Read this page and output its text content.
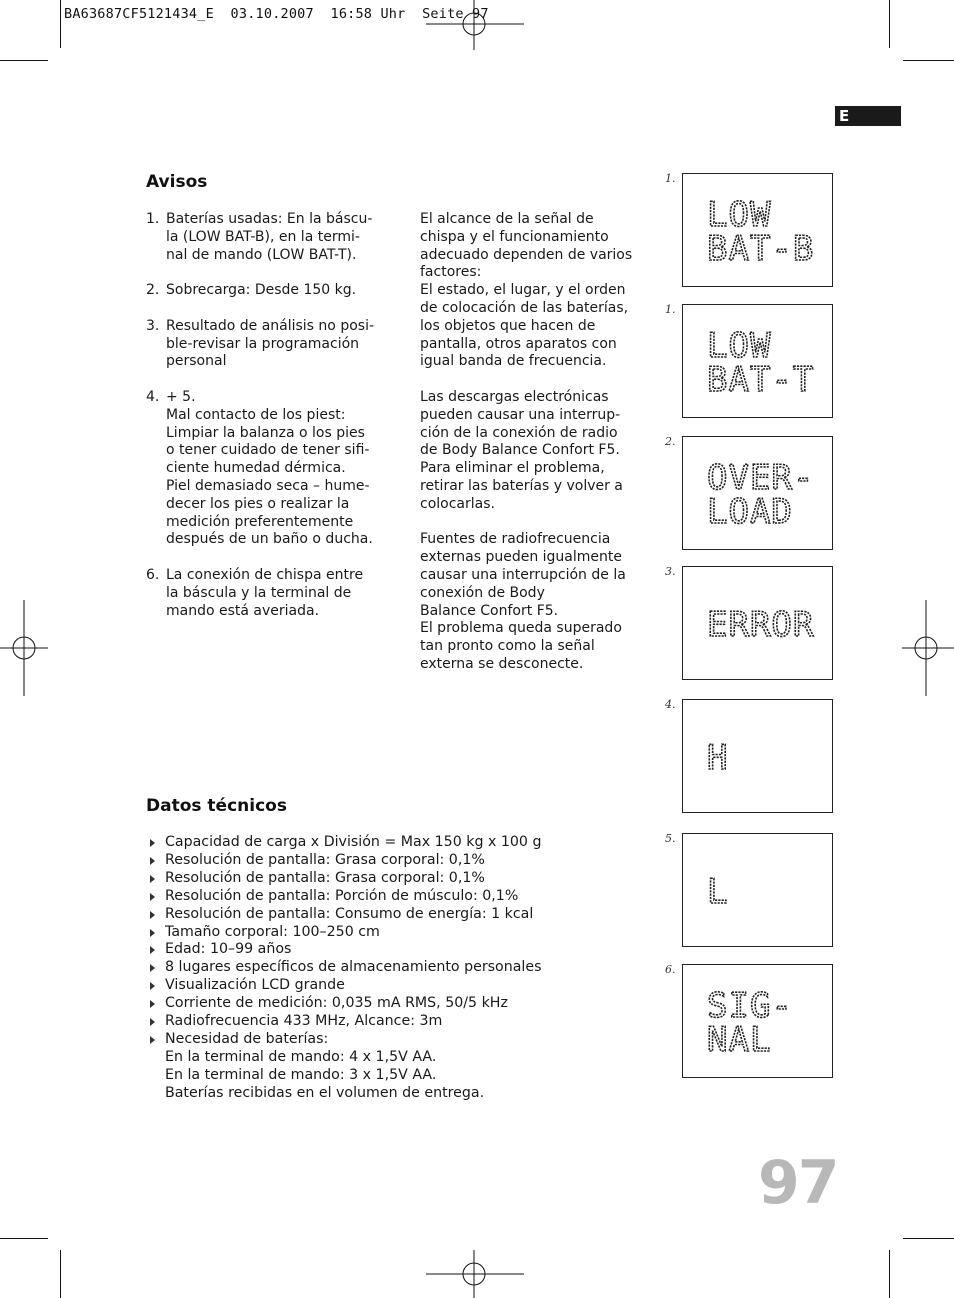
BA63687CF5121434_E  03.10.2007  16:58 Uhr  Seite 97
E
Avisos
1. Baterías usadas: En la báscu-
la (LOW BAT-B), en la termi-
nal de mando (LOW BAT-T).
2. Sobrecarga: Desde 150 kg.
3. Resultado de análisis no posi-
ble-revisar la programación
personal
4. + 5.
Mal contacto de los piest:
Limpiar la balanza o los pies
o tener cuidado de tener sifi-
ciente humedad dérmica.
Piel demasiado seca – hume-
decer los pies o realizar la
medición preferentemente
después de un baño o ducha.
6. La conexión de chispa entre
la báscula y la terminal de
mando está averiada.
El alcance de la señal de
chispa y el funcionamiento
adecuado dependen de varios
factores:
El estado, el lugar, y el orden
de colocación de las baterías,
los objetos que hacen de
pantalla, otros aparatos con
igual banda de frecuencia.
Las descargas electrónicas
pueden causar una interrup-
ción de la conexión de radio
de Body Balance Confort F5.
Para eliminar el problema,
retirar las baterías y volver a
colocarlas.
Fuentes de radiofrecuencia
externas pueden igualmente
causar una interrupción de la
conexión de Body
Balance Confort F5.
El problema queda superado
tan pronto como la señal
externa se desconecte.
Datos técnicos
Capacidad de carga x División = Max 150 kg x 100 g
Resolución de pantalla: Grasa corporal: 0,1%
Resolución de pantalla: Grasa corporal: 0,1%
Resolución de pantalla: Porción de músculo: 0,1%
Resolución de pantalla: Consumo de energía: 1 kcal
Tamaño corporal: 100–250 cm
Edad: 10–99 años
8 lugares específicos de almacenamiento personales
Visualización LCD grande
Corriente de medición: 0,035 mA RMS, 50/5 kHz
Radiofrecuencia 433 MHz, Alcance: 3m
Necesidad de baterías:
En la terminal de mando: 4 x 1,5V AA.
En la terminal de mando: 3 x 1,5V AA.
Baterías recibidas en el volumen de entrega.
1.
LOW
BAT-B
1.
LOW
BAT-T
2.
OVER-
LOAD
3.
ERROR
4.
H
5.
L
6.
SIG-
NAL
97
